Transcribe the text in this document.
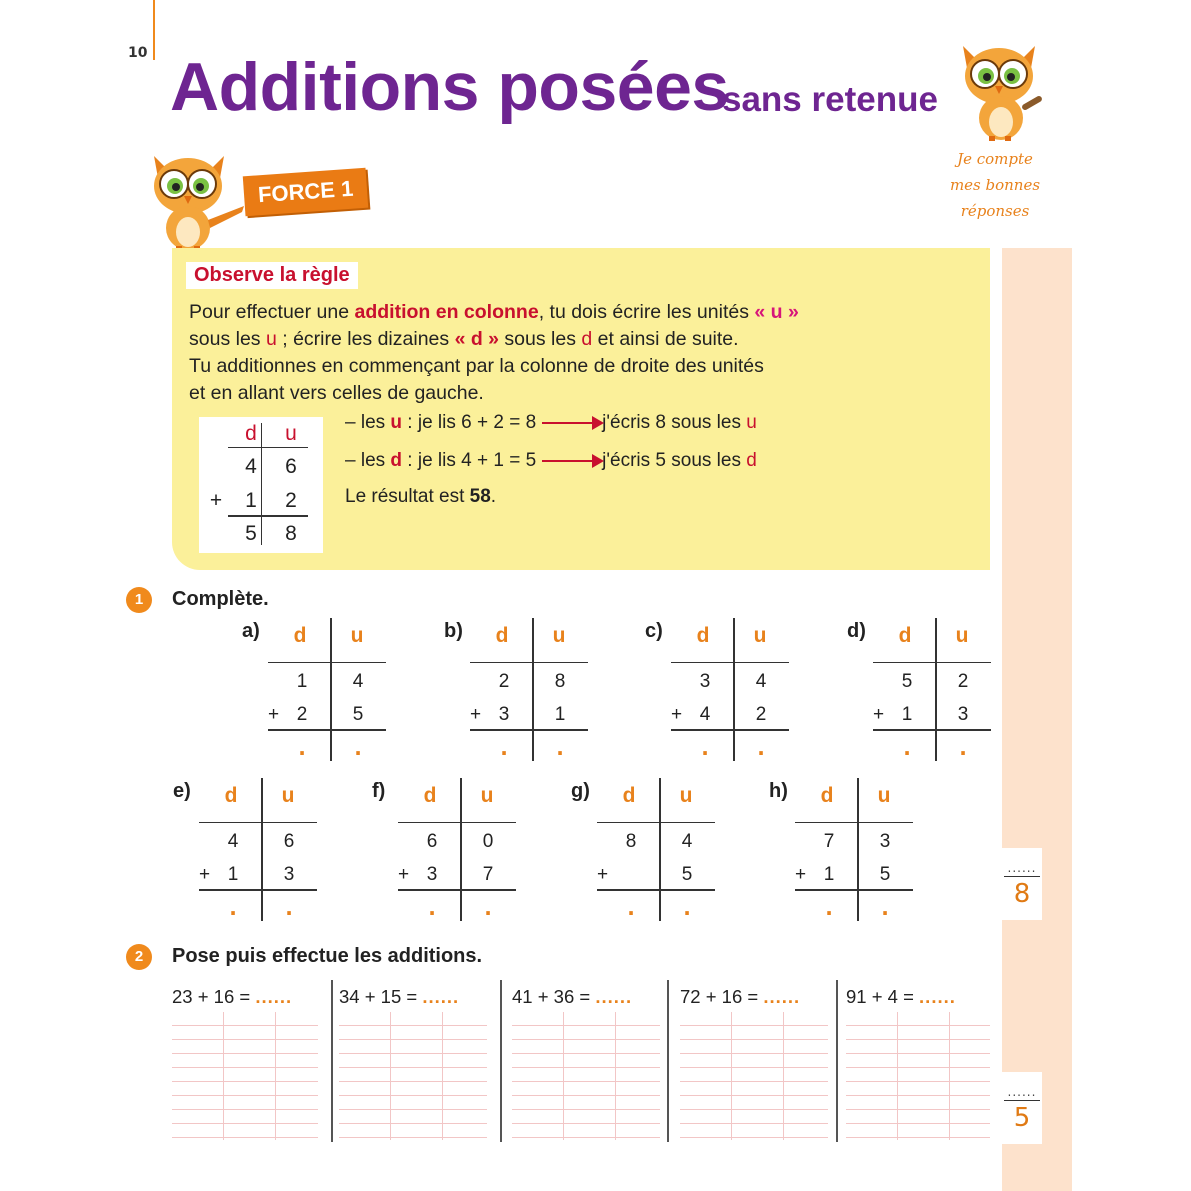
10 Additions posées
sans retenue
Je compte
mes bonnes
réponses
FORCE 1
Observe la règle
Pour effectuer une addition en colonne, tu dois écrire les unités « u »
sous les u ; écrire les dizaines « d » sous les d et ainsi de suite.
Tu additionnes en commençant par la colonne de droite des unités
et en allant vers celles de gauche.
d u
4 6
+ 1 2
5 8
– les u : je lis 6 + 2 = 8	j'écris 8 sous les u
– les d : je lis 4 + 1 = 5	j'écris 5 sous les d
Le résultat est 58.
1	Complète.
a)	d	u
1 4
+ 2 5
.	.
b)	d	u
2 8
+ 3 1
.	.
c)	d	u
3 4
+ 4 2
.	.
d)	d	u
5 2
+ 1 3
.	.
e)	d	u
4 6
+ 1 3
.	.
f)	d	u
6 0
+ 3 7
.	.
g)	d	u
8 4
+	5
.	.
h)	d	u
7 3
+ 1 5
.	.
......
8
2	Pose puis effectue les additions.
23 + 16 = ......	34 + 15 = ......	41 + 36 = ......	72 + 16 = ...... 91 + 4 = ......
......
5
